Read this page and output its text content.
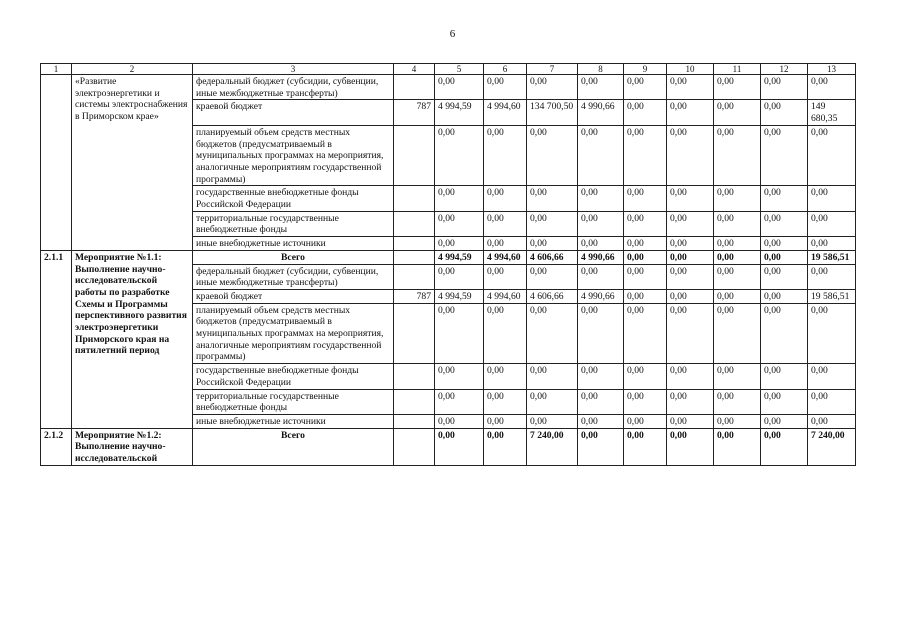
6
1	2	3	4	5	6	7	8	9	10	11	12	13
	«Развитие электроэнергетики и системы электроснабжения в Приморском крае»	федеральный бюджет (субсидии, субвенции, иные межбюджетные трансферты)		0,00	0,00	0,00	0,00	0,00	0,00	0,00	0,00	0,00
		краевой бюджет	787	4 994,59	4 994,60	134 700,50	4 990,66	0,00	0,00	0,00	0,00	149 680,35
		планируемый объем средств местных бюджетов (предусматриваемый в муниципальных программах на мероприятия, аналогичные мероприятиям государственной программы)		0,00	0,00	0,00	0,00	0,00	0,00	0,00	0,00	0,00
		государственные внебюджетные фонды Российской Федерации		0,00	0,00	0,00	0,00	0,00	0,00	0,00	0,00	0,00
		территориальные государственные внебюджетные фонды		0,00	0,00	0,00	0,00	0,00	0,00	0,00	0,00	0,00
		иные внебюджетные источники		0,00	0,00	0,00	0,00	0,00	0,00	0,00	0,00	0,00
2.1.1	Мероприятие №1.1: Выполнение научно-исследовательской работы по разработке Схемы и Программы перспективного развития электроэнергетики Приморского края на пятилетний период	Всего		4 994,59	4 994,60	4 606,66	4 990,66	0,00	0,00	0,00	0,00	19 586,51
		федеральный бюджет (субсидии, субвенции, иные межбюджетные трансферты)		0,00	0,00	0,00	0,00	0,00	0,00	0,00	0,00	0,00
		краевой бюджет	787	4 994,59	4 994,60	4 606,66	4 990,66	0,00	0,00	0,00	0,00	19 586,51
		планируемый объем средств местных бюджетов (предусматриваемый в муниципальных программах на мероприятия, аналогичные мероприятиям государственной программы)		0,00	0,00	0,00	0,00	0,00	0,00	0,00	0,00	0,00
		государственные внебюджетные фонды Российской Федерации		0,00	0,00	0,00	0,00	0,00	0,00	0,00	0,00	0,00
		территориальные государственные внебюджетные фонды		0,00	0,00	0,00	0,00	0,00	0,00	0,00	0,00	0,00
		иные внебюджетные источники		0,00	0,00	0,00	0,00	0,00	0,00	0,00	0,00	0,00
2.1.2	Мероприятие №1.2: Выполнение научно-исследовательской	Всего		0,00	0,00	7 240,00	0,00	0,00	0,00	0,00	0,00	7 240,00
